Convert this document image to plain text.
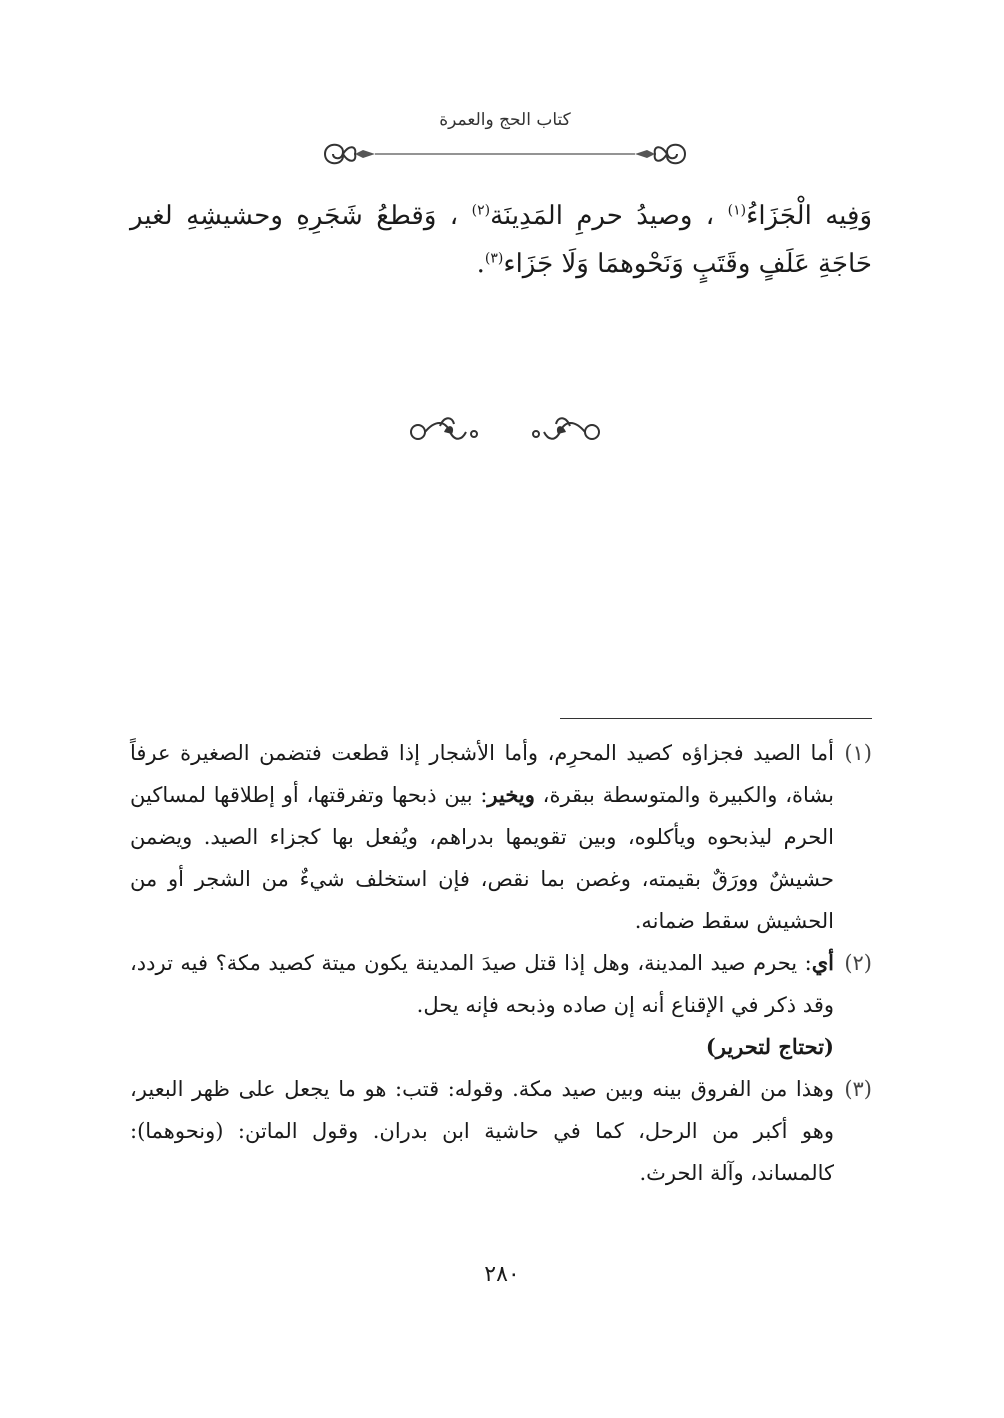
كتاب الحج والعمرة
وَفِيه الْجَزَاءُ$^{(١)}$ ، وصيدُ حرمِ المَدِينَة$^{(٢)}$ ، وَقطعُ شَجَرِهِ وحشيشِهِ لغير حَاجَةِ عَلَفٍ وقَتَبٍ وَنَحْوهمَا وَلَا جَزَاء$^{(٣)}$.
(١)
أما الصيد فجزاؤه كصيد المحرِم، وأما الأشجار إذا قطعت فتضمن الصغيرة عرفاً بشاة، والكبيرة والمتوسطة ببقرة، ويخير: بين ذبحها وتفرقتها، أو إطلاقها لمساكين الحرم ليذبحوه ويأكلوه، وبين تقويمها بدراهم، ويُفعل بها كجزاء الصيد. ويضمن حشيشٌ وورَقٌ بقيمته، وغصن بما نقص، فإن استخلف شيءٌ من الشجر أو من الحشيش سقط ضمانه.
(٢)
أي: يحرم صيد المدينة، وهل إذا قتل صيدَ المدينة يكون ميتة كصيد مكة؟ فيه تردد، وقد ذكر في الإقناع أنه إن صاده وذبحه فإنه يحل.
(تحتاج لتحرير)
(٣)
وهذا من الفروق بينه وبين صيد مكة. وقوله: قتب: هو ما يجعل على ظهر البعير، وهو أكبر من الرحل، كما في حاشية ابن بدران. وقول الماتن: (ونحوهما): كالمساند، وآلة الحرث.
٢٨٠
